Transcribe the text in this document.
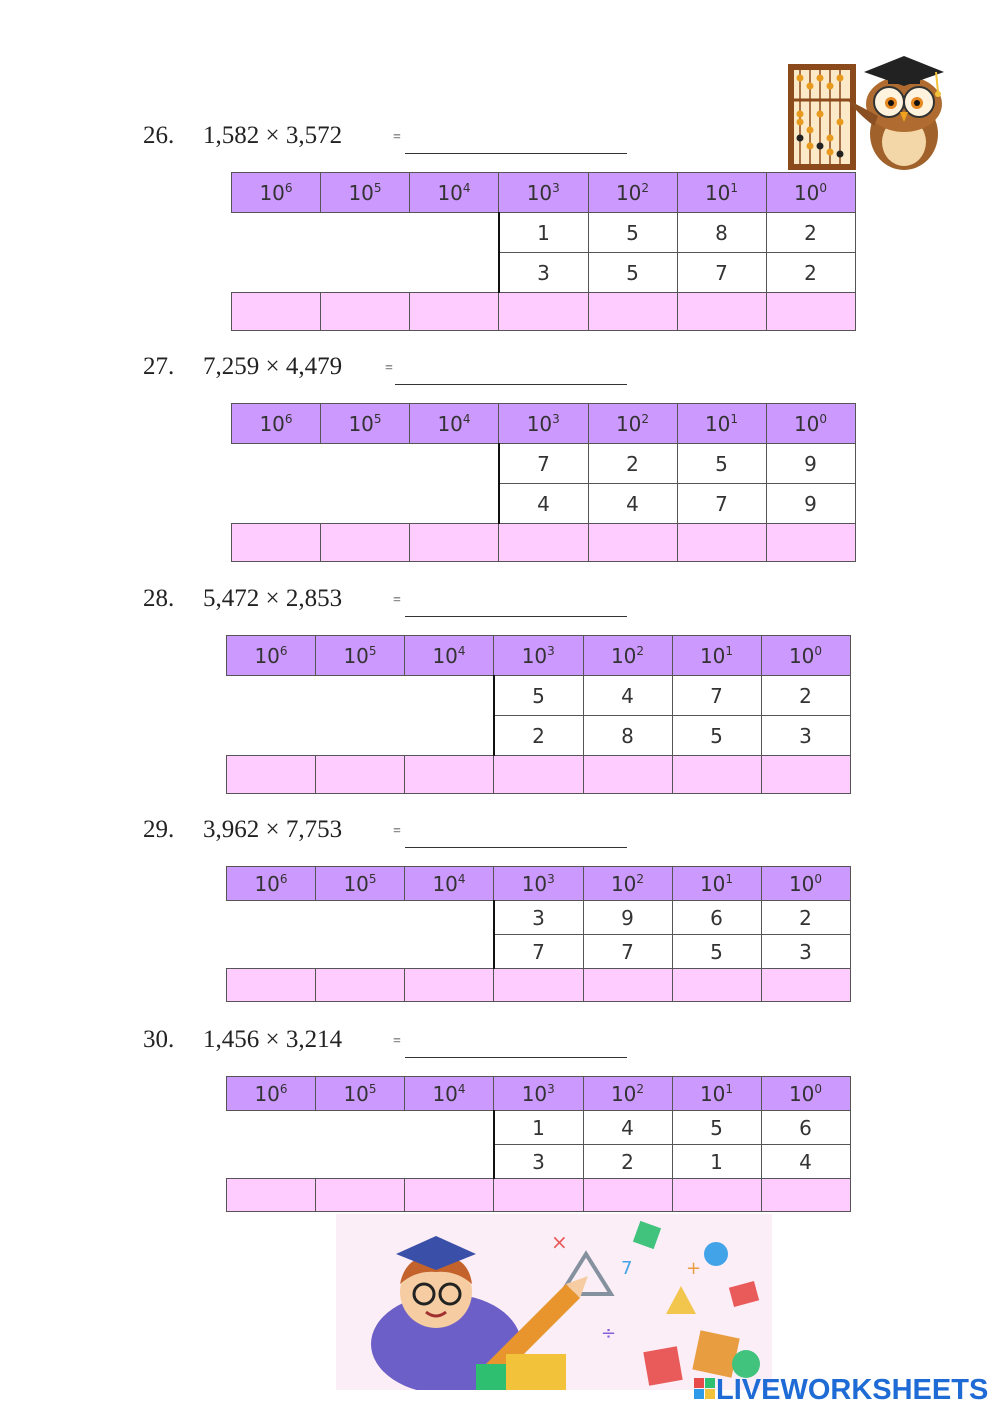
26. 1,582 × 3,572	=
$10^6$	$10^5$	$10^4$	$10^3$	$10^2$	$10^1$	$10^0$
			1	5	8	2
			3	5	7	2

27. 7,259 × 4,479	=
$10^6$	$10^5$	$10^4$	$10^3$	$10^2$	$10^1$	$10^0$
			7	2	5	9
			4	4	7	9

28. 5,472 × 2,853	=
$10^6$	$10^5$	$10^4$	$10^3$	$10^2$	$10^1$	$10^0$
			5	4	7	2
			2	8	5	3

29. 3,962 × 7,753	=
$10^6$	$10^5$	$10^4$	$10^3$	$10^2$	$10^1$	$10^0$
			3	9	6	2
			7	7	5	3

30. 1,456 × 3,214	=
$10^6$	$10^5$	$10^4$	$10^3$	$10^2$	$10^1$	$10^0$
			1	4	5	6
			3	2	1	4

×
7	+
÷
LIVEWORKSHEETS
